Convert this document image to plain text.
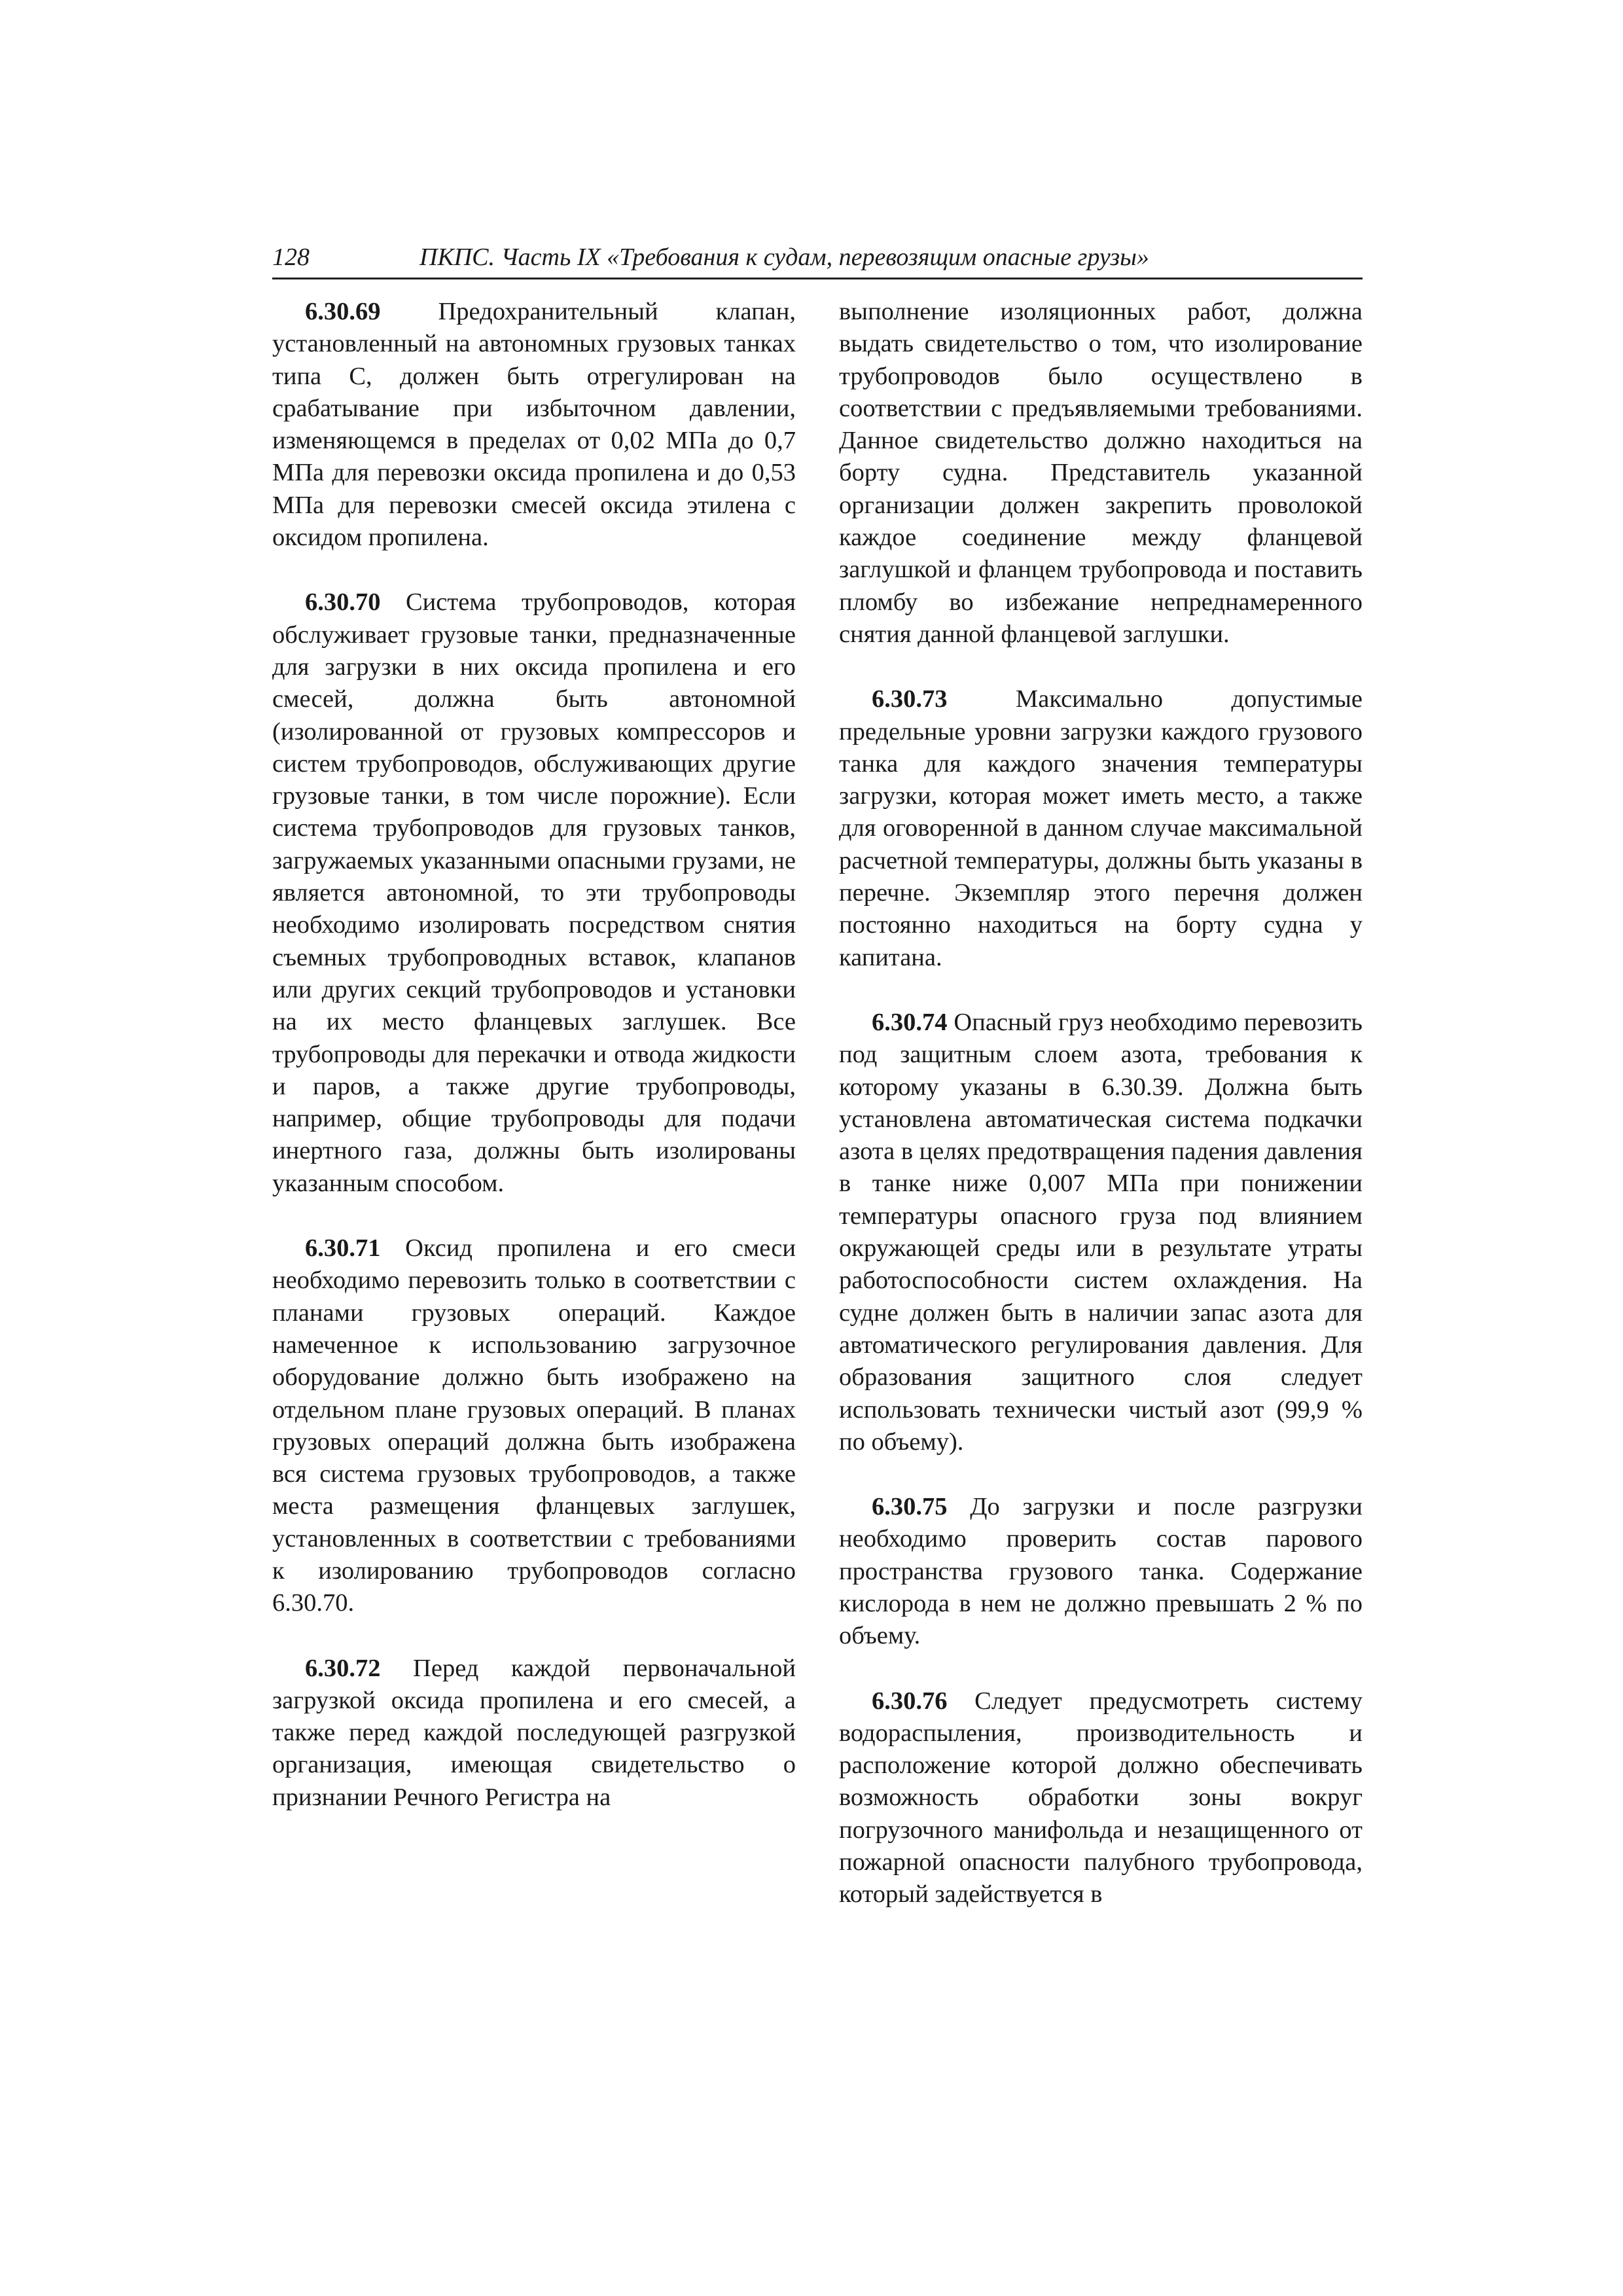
128	ПКПС. Часть IX «Требования к судам, перевозящим опасные грузы»

6.30.69 Предохранительный клапан, установленный на автономных грузовых танках типа С, должен быть отрегулирован на срабатывание при избыточном давлении, изменяющемся в пределах от 0,02 МПа до 0,7 МПа для перевозки оксида пропилена и до 0,53 МПа для перевозки смесей оксида этилена с оксидом пропилена.

6.30.70 Система трубопроводов, которая обслуживает грузовые танки, предназначенные для загрузки в них оксида пропилена и его смесей, должна быть автономной (изолированной от грузовых компрессоров и систем трубопроводов, обслуживающих другие грузовые танки, в том числе порожние). Если система трубопроводов для грузовых танков, загружаемых указанными опасными грузами, не является автономной, то эти трубопроводы необходимо изолировать посредством снятия съемных трубопроводных вставок, клапанов или других секций трубопроводов и установки на их место фланцевых заглушек. Все трубопроводы для перекачки и отвода жидкости и паров, а также другие трубопроводы, например, общие трубопроводы для подачи инертного газа, должны быть изолированы указанным способом.

6.30.71 Оксид пропилена и его смеси необходимо перевозить только в соответствии с планами грузовых операций. Каждое намеченное к использованию загрузочное оборудование должно быть изображено на отдельном плане грузовых операций. В планах грузовых операций должна быть изображена вся система грузовых трубопроводов, а также места размещения фланцевых заглушек, установленных в соответствии с требованиями к изолированию трубопроводов согласно 6.30.70.

6.30.72 Перед каждой первоначальной загрузкой оксида пропилена и его смесей, а также перед каждой последующей разгрузкой организация, имеющая свидетельство о признании Речного Регистра на

выполнение изоляционных работ, должна выдать свидетельство о том, что изолирование трубопроводов было осуществлено в соответствии с предъявляемыми требованиями. Данное свидетельство должно находиться на борту судна. Представитель указанной организации должен закрепить проволокой каждое соединение между фланцевой заглушкой и фланцем трубопровода и поставить пломбу во избежание непреднамеренного снятия данной фланцевой заглушки.

6.30.73 Максимально допустимые предельные уровни загрузки каждого грузового танка для каждого значения температуры загрузки, которая может иметь место, а также для оговоренной в данном случае максимальной расчетной температуры, должны быть указаны в перечне. Экземпляр этого перечня должен постоянно находиться на борту судна у капитана.

6.30.74 Опасный груз необходимо перевозить под защитным слоем азота, требования к которому указаны в 6.30.39. Должна быть установлена автоматическая система подкачки азота в целях предотвращения падения давления в танке ниже 0,007 МПа при понижении температуры опасного груза под влиянием окружающей среды или в результате утраты работоспособности систем охлаждения. На судне должен быть в наличии запас азота для автоматического регулирования давления. Для образования защитного слоя следует использовать технически чистый азот (99,9 % по объему).

6.30.75 До загрузки и после разгрузки необходимо проверить состав парового пространства грузового танка. Содержание кислорода в нем не должно превышать 2 % по объему.

6.30.76 Следует предусмотреть систему водораспыления, производительность и расположение которой должно обеспечивать возможность обработки зоны вокруг погрузочного манифольда и незащищенного от пожарной опасности палубного трубопровода, который задействуется в
